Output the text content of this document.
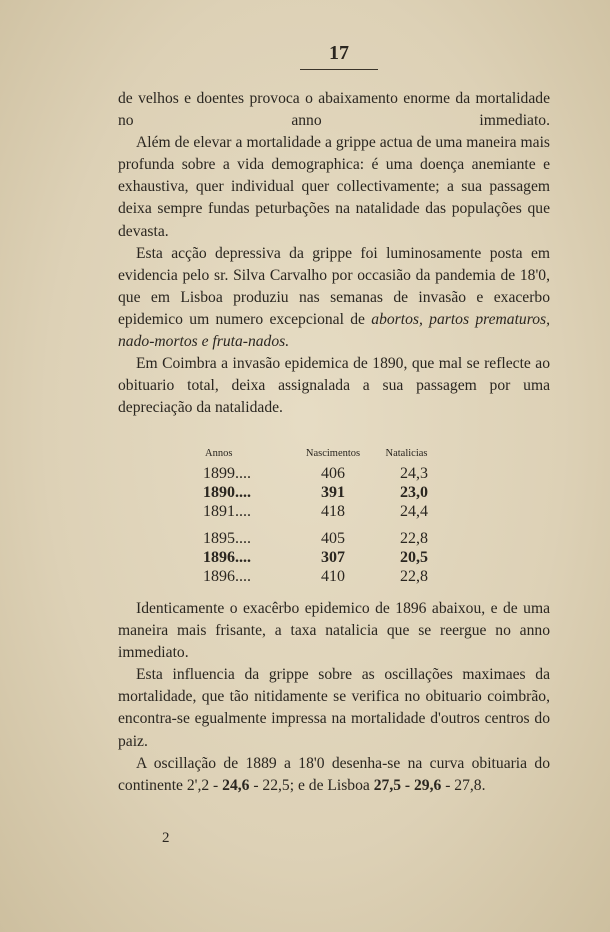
17

de velhos e doentes provoca o abaixamento enorme da mortalidade no anno immediato.

Além de elevar a mortalidade a grippe actua de uma maneira mais profunda sobre a vida demographica: é uma doença anemiante e exhaustiva, quer individual quer collectivamente; a sua passagem deixa sempre fundas peturbações na natalidade das populações que devasta.

Esta acção depressiva da grippe foi luminosamente posta em evidencia pelo sr. Silva Carvalho por occasião da pandemia de 18'0, que em Lisboa produziu nas semanas de invasão e exacerbo epidemico um numero excepcional de abortos, partos prematuros, nado-mortos e fruta-nados.

Em Coimbra a invasão epidemica de 1890, que mal se reflecte ao obituario total, deixa assignalada a sua passagem por uma depreciação da natalidade.

Annos	Nascimentos	Natalicias
1899....	406	24,3
1890....	391	23,0
1891....	418	24,4

1895....	405	22,8
1896....	307	20,5
1896....	410	22,8

Identicamente o exacêrbo epidemico de 1896 abaixou, e de uma maneira mais frisante, a taxa natalicia que se reergue no anno immediato.

Esta influencia da grippe sobre as oscillações maximaes da mortalidade, que tão nitidamente se verifica no obituario coimbrão, encontra-se egualmente impressa na mortalidade d'outros centros do paiz.

A oscillação de 1889 a 18'0 desenha-se na curva obituaria do continente 2',2 - 24,6 - 22,5; e de Lisboa 27,5 - 29,6 - 27,8.

2
